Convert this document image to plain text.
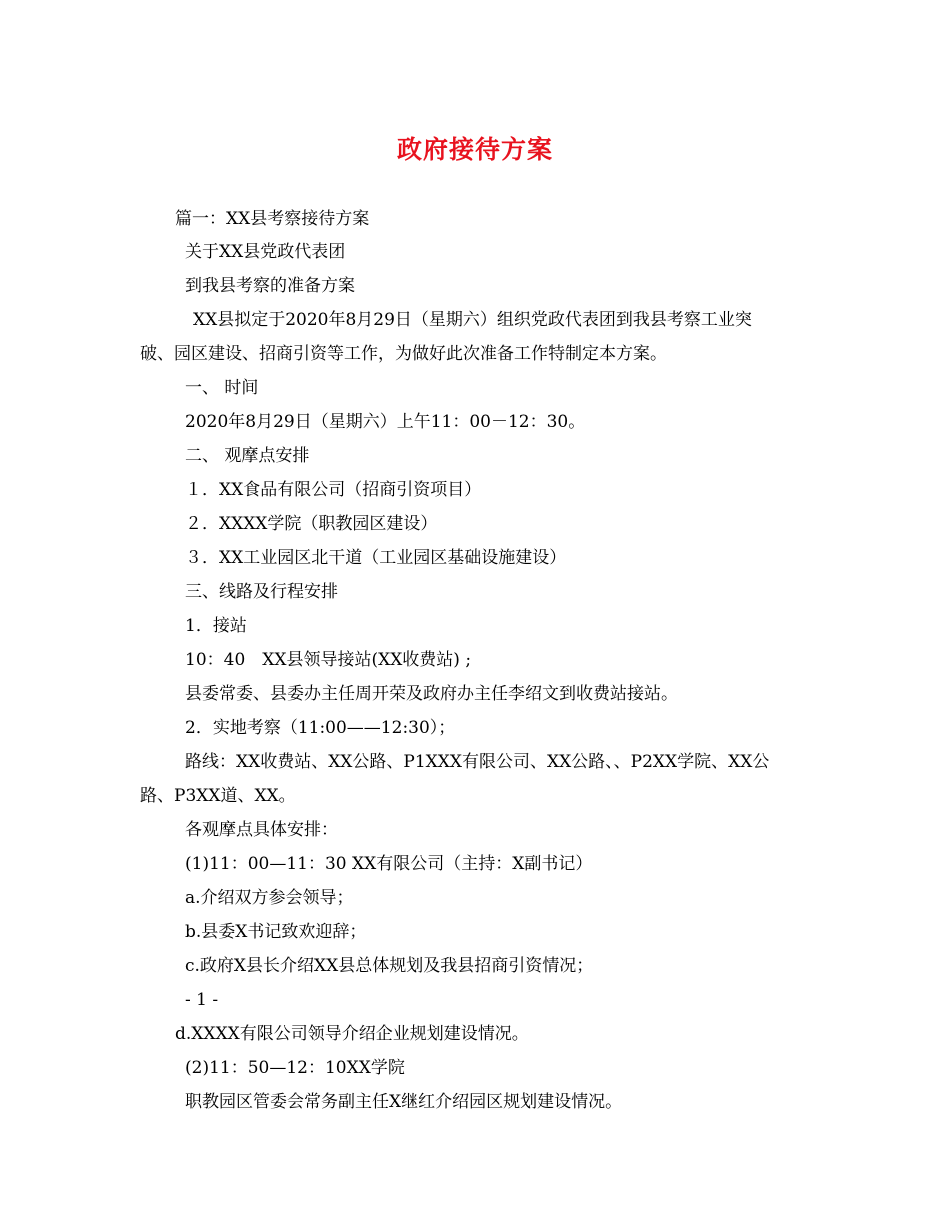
政府接待方案
篇一：XX县考察接待方案
关于XX县党政代表团
到我县考察的准备方案
XX县拟定于2020年8月29日（星期六）组织党政代表团到我县考察工业突
破、园区建设、招商引资等工作，为做好此次准备工作特制定本方案。
一、 时间
2020年8月29日（星期六）上午11：00－12：30。
二、 观摩点安排
１．XX食品有限公司（招商引资项目）
２．XXXX学院（职教园区建设）
３．XX工业园区北干道（工业园区基础设施建设）
三、线路及行程安排
1．接站
10：40　XX县领导接站(XX收费站) ;
县委常委、县委办主任周开荣及政府办主任李绍文到收费站接站。
2．实地考察（11:00——12:30）；
路线：XX收费站、XX公路、P1XXX有限公司、XX公路、、P2XX学院、XX公
路、P3XX道、XX。
各观摩点具体安排：
(1)11：00—11：30 XX有限公司（主持：X副书记）
a.介绍双方参会领导；
b.县委X书记致欢迎辞；
c.政府X县长介绍XX县总体规划及我县招商引资情况；
- 1 -
d.XXXX有限公司领导介绍企业规划建设情况。
(2)11：50—12：10XX学院
职教园区管委会常务副主任X继红介绍园区规划建设情况。
